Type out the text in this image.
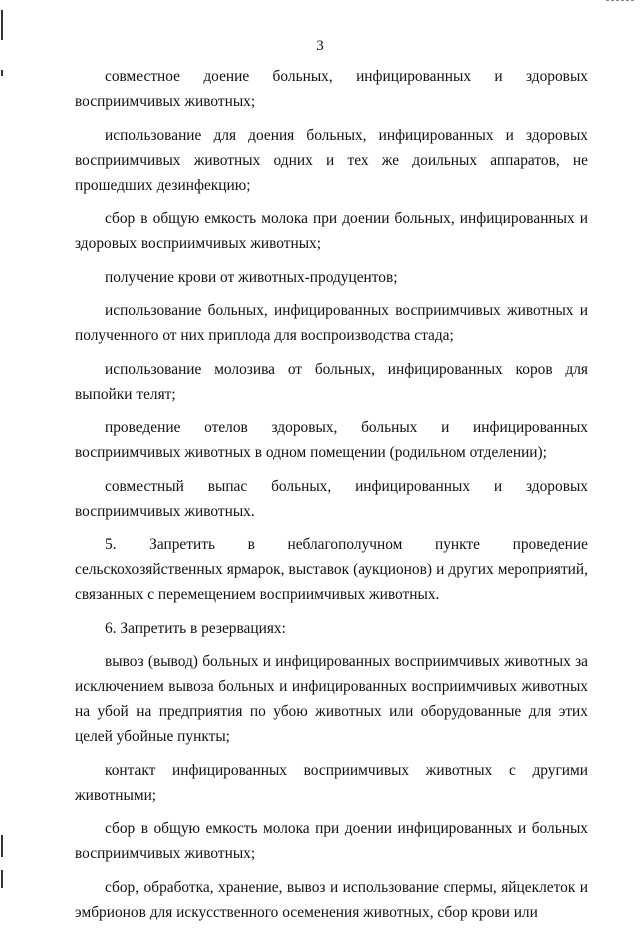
3

совместное доение больных, инфицированных и здоровых восприимчивых животных;

использование для доения больных, инфицированных и здоровых восприимчивых животных одних и тех же доильных аппаратов, не прошедших дезинфекцию;

сбор в общую емкость молока при доении больных, инфицированных и здоровых восприимчивых животных;

получение крови от животных-продуцентов;

использование больных, инфицированных восприимчивых животных и полученного от них приплода для воспроизводства стада;

использование молозива от больных, инфицированных коров для выпойки телят;

проведение отелов здоровых, больных и инфицированных восприимчивых животных в одном помещении (родильном отделении);

совместный выпас больных, инфицированных и здоровых восприимчивых животных.

5. Запретить в неблагополучном пункте проведение сельскохозяйственных ярмарок, выставок (аукционов) и других мероприятий, связанных с перемещением восприимчивых животных.

6. Запретить в резервациях:

вывоз (вывод) больных и инфицированных восприимчивых животных за исключением вывоза больных и инфицированных восприимчивых животных на убой на предприятия по убою животных или оборудованные для этих целей убойные пункты;

контакт инфицированных восприимчивых животных с другими животными;

сбор в общую емкость молока при доении инфицированных и больных восприимчивых животных;

сбор, обработка, хранение, вывоз и использование спермы, яйцеклеток и эмбрионов для искусственного осеменения животных, сбор крови или
